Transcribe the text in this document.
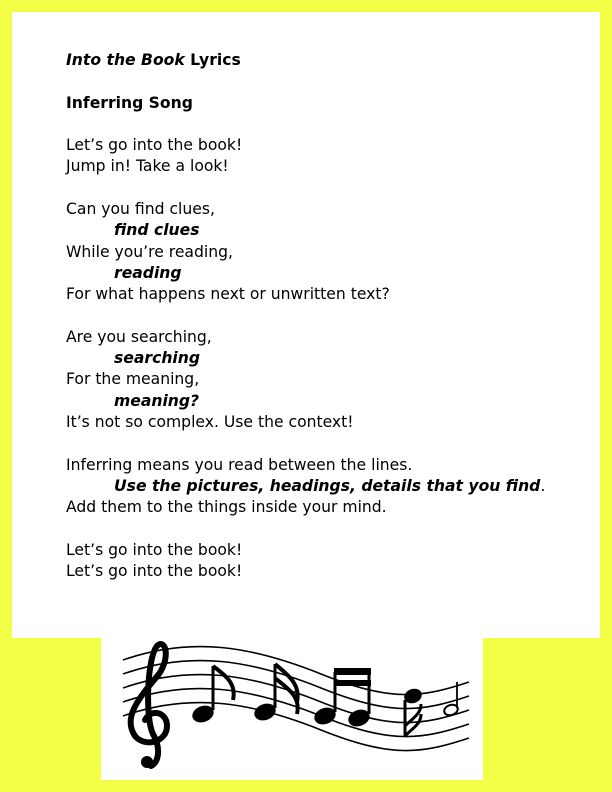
Into the Book Lyrics
Inferring Song
Let’s go into the book!
Jump in! Take a look!
Can you find clues,
find clues
While you’re reading,
reading
For what happens next or unwritten text?
Are you searching,
searching
For the meaning,
meaning?
It’s not so complex. Use the context!
Inferring means you read between the lines.
Use the pictures, headings, details that you find.
Add them to the things inside your mind.
Let’s go into the book!
Let’s go into the book!
